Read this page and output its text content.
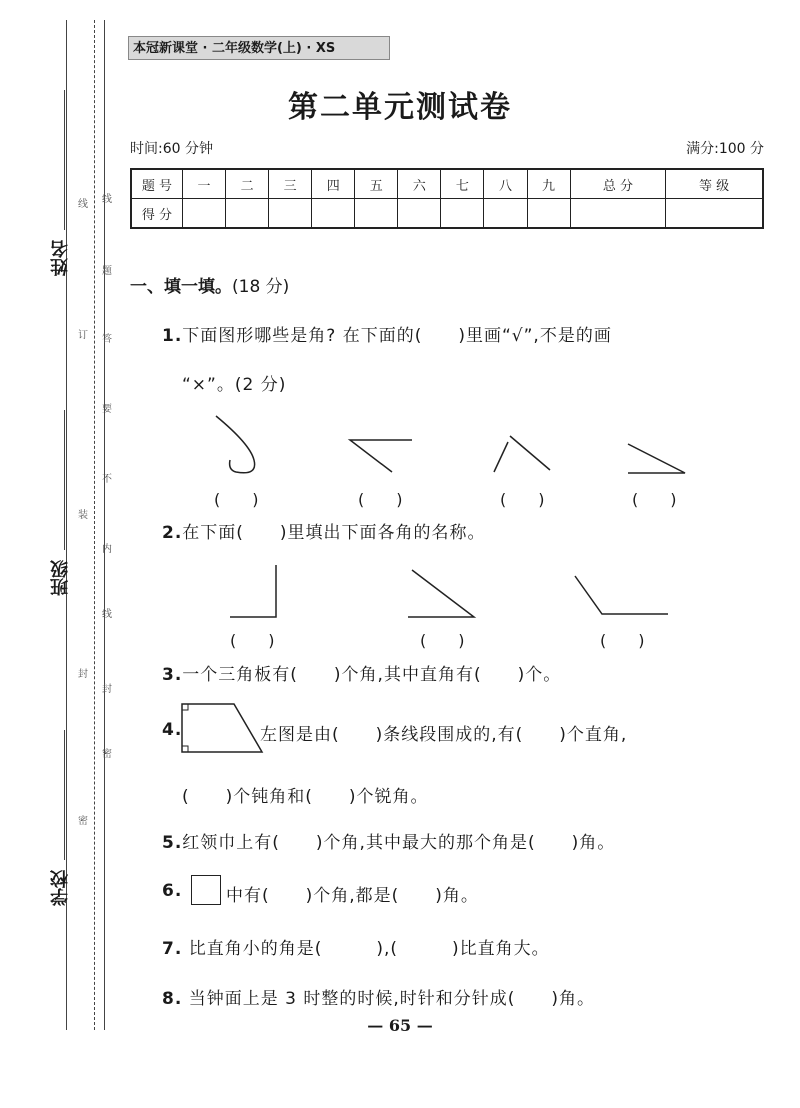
姓名
班级
学校
线
题
答
要
不
内
线
封
密
线
订
装
封
密
本冠新课堂 · 二年级数学(上) · XS
第二单元测试卷
时间:60 分钟	满分:100 分
题 号	一	二	三	四	五	六	七	八	九	总 分	等 级
得 分											
一、填一填。(18 分)
1.下面图形哪些是角? 在下面的(　　)里画“√”,不是的画
“×”。(2 分)
(　　)	(　　)	(　　)	(　　)
2.在下面(　　)里填出下面各角的名称。
(　　)	(　　)	(　　)
3.一个三角板有(　　)个角,其中直角有(　　)个。
4.	左图是由(　　)条线段围成的,有(　　)个直角,
(　　)个钝角和(　　)个锐角。
5.红领巾上有(　　)个角,其中最大的那个角是(　　)角。
6.	中有(　　)个角,都是(　　)角。
7. 比直角小的角是(　　　),(　　　)比直角大。
8. 当钟面上是 3 时整的时候,时针和分针成(　　)角。
— 65 —
